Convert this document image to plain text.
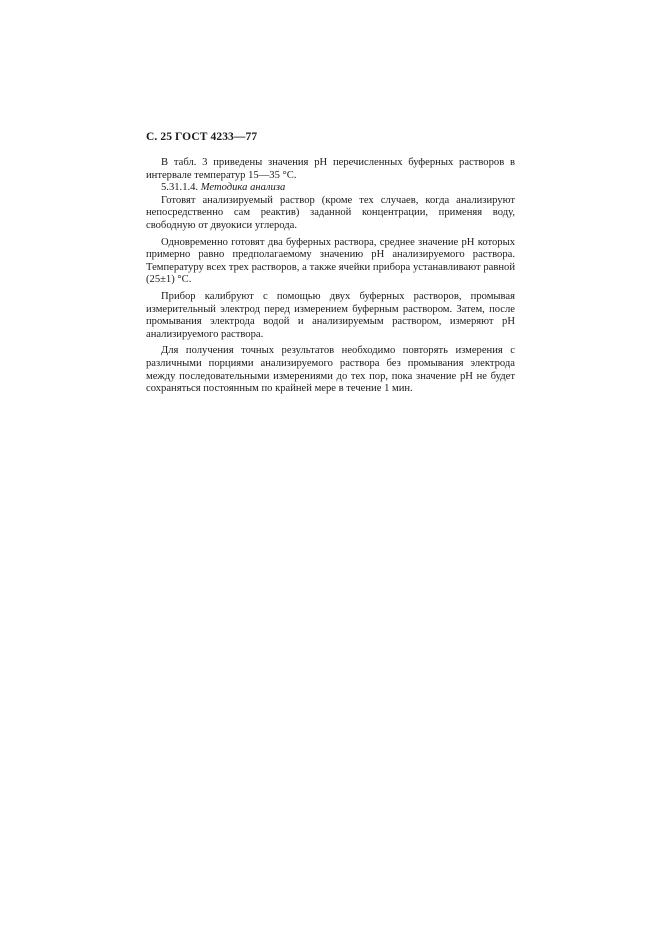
С. 25 ГОСТ 4233—77

В табл. 3 приведены значения рН перечисленных буферных растворов в интервале температур 15—35 °С.

5.31.1.4. Методика анализа

Готовят анализируемый раствор (кроме тех случаев, когда анализируют непосредственно сам реактив) заданной концентрации, применяя воду, свободную от двуокиси углерода.

Одновременно готовят два буферных раствора, среднее значение рН которых примерно равно предполагаемому значению рН анализируемого раствора. Температуру всех трех растворов, а также ячейки прибора устанавливают равной (25±1) °С.

Прибор калибруют с помощью двух буферных растворов, промывая измерительный электрод перед измерением буферным раствором. Затем, после промывания электрода водой и анализируемым раствором, измеряют рН анализируемого раствора.

Для получения точных результатов необходимо повторять измерения с различными порциями анализируемого раствора без промывания электрода между последовательными измерениями до тех пор, пока значение рН не будет сохраняться постоянным по крайней мере в течение 1 мин.
